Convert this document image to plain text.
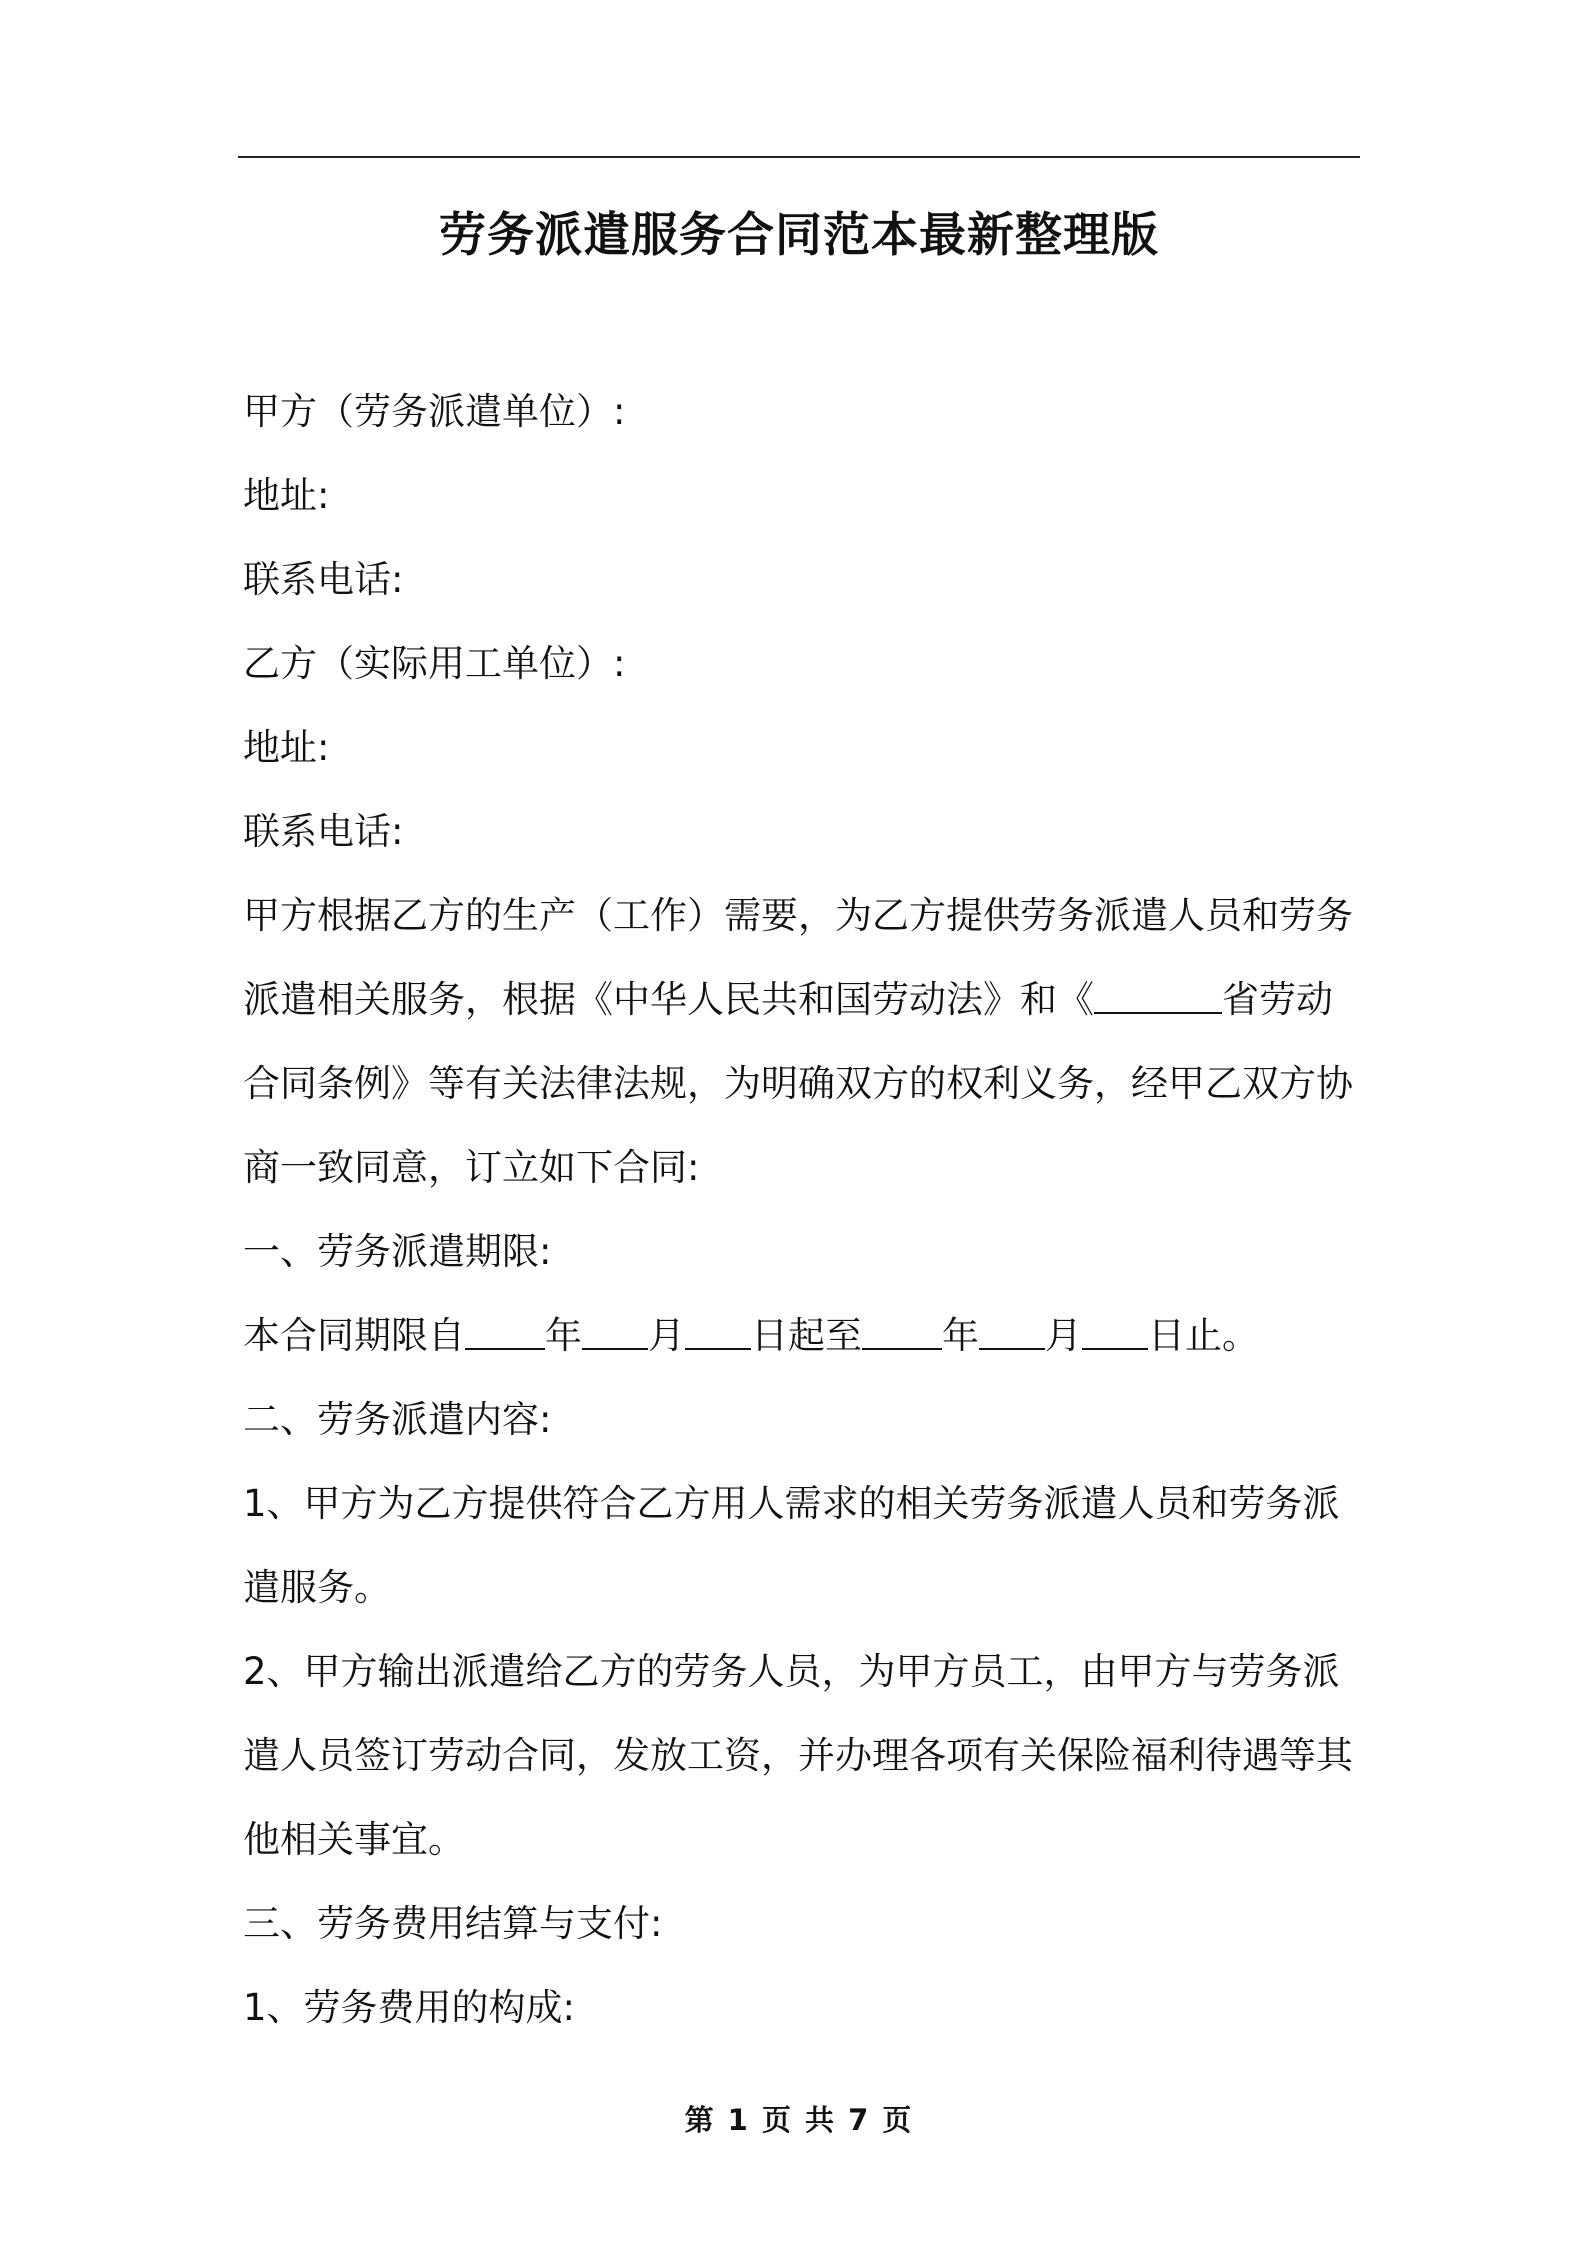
劳务派遣服务合同范本最新整理版
甲方（劳务派遣单位）:
地址:
联系电话:
乙方（实际用工单位）:
地址:
联系电话:
甲方根据乙方的生产（工作）需要，为乙方提供劳务派遣人员和劳务
派遣相关服务，根据《中华人民共和国劳动法》和《	省劳动
合同条例》等有关法律法规，为明确双方的权利义务，经甲乙双方协
商一致同意，订立如下合同:
一、劳务派遣期限:
本合同期限自 年 月 日起至 年 月 日止。
二、劳务派遣内容:
1、甲方为乙方提供符合乙方用人需求的相关劳务派遣人员和劳务派
遣服务。
2、甲方输出派遣给乙方的劳务人员，为甲方员工，由甲方与劳务派
遣人员签订劳动合同，发放工资，并办理各项有关保险福利待遇等其
他相关事宜。
三、劳务费用结算与支付:
1、劳务费用的构成:
第 1 页 共 7 页
